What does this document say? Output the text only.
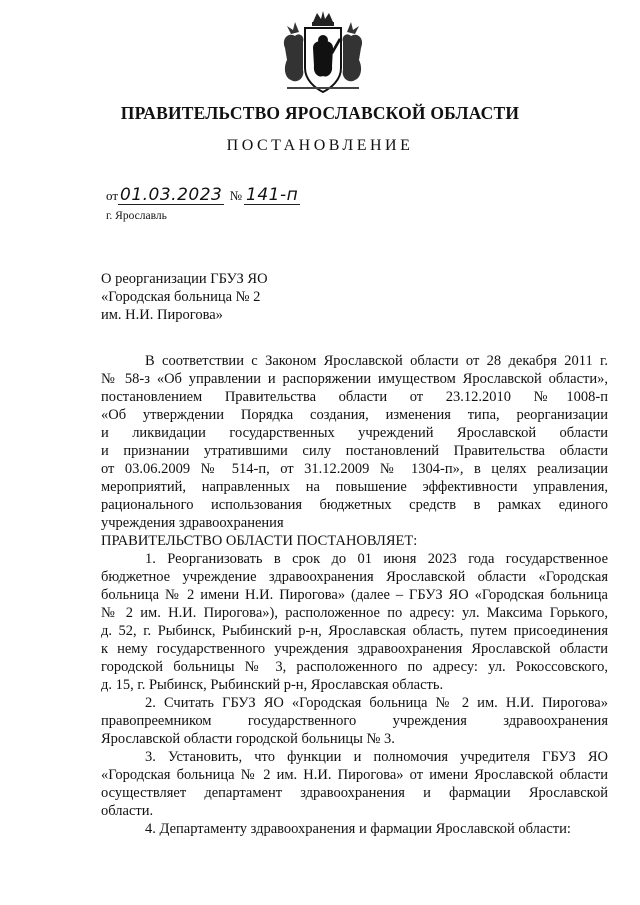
ПРАВИТЕЛЬСТВО ЯРОСЛАВСКОЙ ОБЛАСТИ
ПОСТАНОВЛЕНИЕ
от 01.03.2023 № 141-п
г. Ярославль
О реорганизации ГБУЗ ЯО
«Городская больница № 2
им. Н.И. Пирогова»
В соответствии с Законом Ярославской области от 28 декабря 2011 г.
№ 58-з «Об управлении и распоряжении имуществом Ярославской области»,
постановлением Правительства области от 23.12.2010 №1008-п
«Об утверждении Порядка создания, изменения типа, реорганизации
и ликвидации государственных учреждений Ярославской области
и признании утратившими силу постановлений Правительства области
от 03.06.2009 № 514-п, от 31.12.2009 № 1304-п», в целях реализации
мероприятий, направленных на повышение эффективности управления,
рационального использования бюджетных средств в рамках единого
учреждения здравоохранения
ПРАВИТЕЛЬСТВО ОБЛАСТИ ПОСТАНОВЛЯЕТ:
1. Реорганизовать в срок до 01 июня 2023 года государственное
бюджетное учреждение здравоохранения Ярославской области «Городская
больница № 2 имени Н.И. Пирогова» (далее – ГБУЗ ЯО «Городская больница
№ 2 им. Н.И. Пирогова»), расположенное по адресу: ул. Максима Горького,
д. 52, г. Рыбинск, Рыбинский р-н, Ярославская область, путем присоединения
к нему государственного учреждения здравоохранения Ярославской области
городской больницы № 3, расположенного по адресу: ул. Рокоссовского,
д. 15, г. Рыбинск, Рыбинский р-н, Ярославская область.
2. Считать ГБУЗ ЯО «Городская больница № 2 им. Н.И. Пирогова»
правопреемником государственного учреждения здравоохранения
Ярославской области городской больницы № 3.
3. Установить, что функции и полномочия учредителя ГБУЗ ЯО
«Городская больница № 2 им. Н.И. Пирогова» от имени Ярославской области
осуществляет департамент здравоохранения и фармации Ярославской
области.
4. Департаменту здравоохранения и фармации Ярославской области:
